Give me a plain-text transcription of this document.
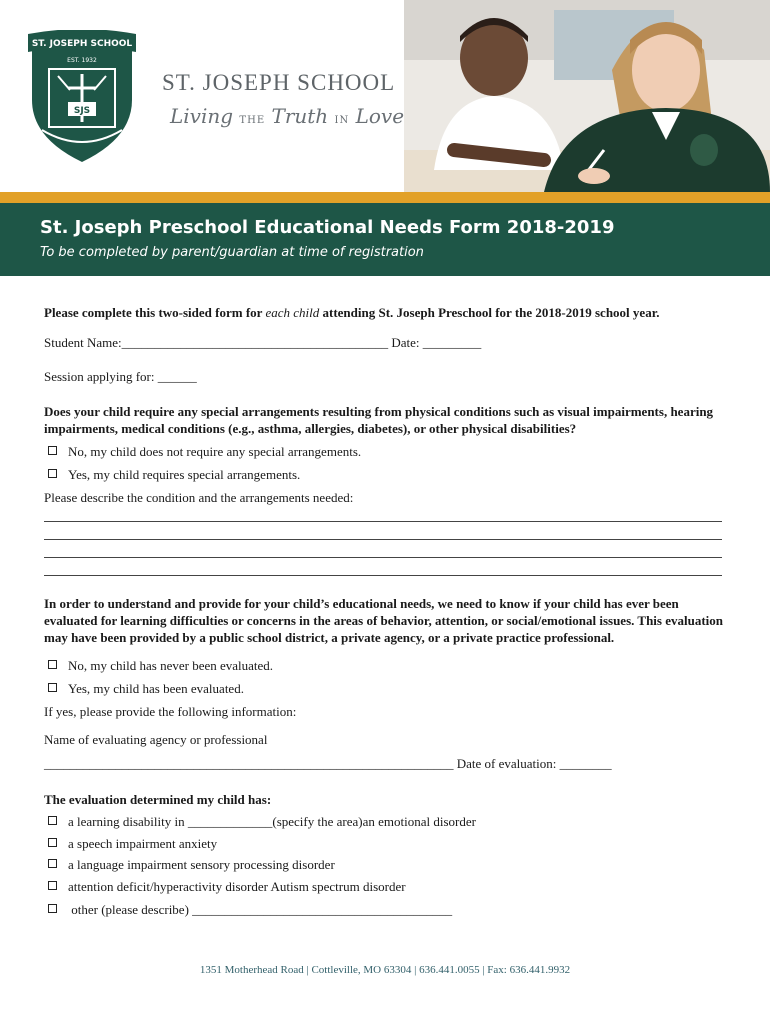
ST. JOSEPH SCHOOL
EST. 1932
SJS
ST. JOSEPH SCHOOL
Living THE Truth IN Love
St. Joseph Preschool Educational Needs Form 2018-2019
To be completed by parent/guardian at time of registration
Please complete this two-sided form for each child attending St. Joseph Preschool for the 2018-2019 school year.
Student Name:_________________________________________ Date: _________
Session applying for: ______
Does your child require any special arrangements resulting from physical conditions such as visual impairments, hearing impairments, medical conditions (e.g., asthma, allergies, diabetes), or other physical disabilities?
No, my child does not require any special arrangements.
Yes, my child requires special arrangements.
Please describe the condition and the arrangements needed:
In order to understand and provide for your child’s educational needs, we need to know if your child has ever been evaluated for learning difficulties or concerns in the areas of behavior, attention, or social/emotional issues. This evaluation may have been provided by a public school district, a private agency, or a private practice professional.
No, my child has never been evaluated.
Yes, my child has been evaluated.
If yes, please provide the following information:
Name of evaluating agency or professional
_______________________________________________________________ Date of evaluation: ________
The evaluation determined my child has:
a learning disability in _____________(specify the area)an emotional disorder
a speech impairment anxiety
a language impairment sensory processing disorder
attention deficit/hyperactivity disorder Autism spectrum disorder
other (please describe) ________________________________________
1351 Motherhead Road | Cottleville, MO 63304 | 636.441.0055 | Fax: 636.441.9932
